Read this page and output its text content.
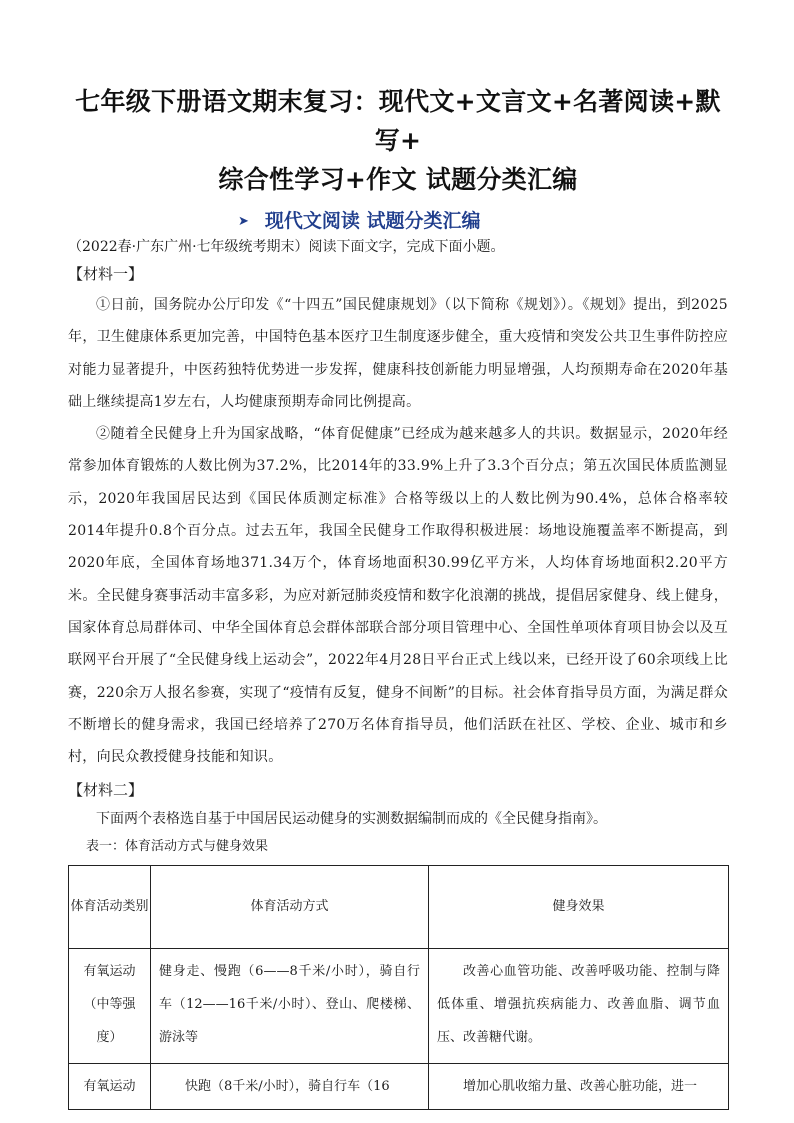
七年级下册语文期末复习：现代文+文言文+名著阅读+默写+
综合性学习+作文 试题分类汇编
➤ 现代文阅读 试题分类汇编

（2022春·广东广州·七年级统考期末）阅读下面文字，完成下面小题。

【材料一】

①日前，国务院办公厅印发《“十四五”国民健康规划》（以下简称《规划》）。《规划》提出，到2025年，卫生健康体系更加完善，中国特色基本医疗卫生制度逐步健全，重大疫情和突发公共卫生事件防控应对能力显著提升，中医药独特优势进一步发挥，健康科技创新能力明显增强，人均预期寿命在2020年基础上继续提高1岁左右，人均健康预期寿命同比例提高。

②随着全民健身上升为国家战略，“体育促健康”已经成为越来越多人的共识。数据显示，2020年经常参加体育锻炼的人数比例为37.2%，比2014年的33.9%上升了3.3个百分点；第五次国民体质监测显示，2020年我国居民达到《国民体质测定标准》合格等级以上的人数比例为90.4%，总体合格率较2014年提升0.8个百分点。过去五年，我国全民健身工作取得积极进展：场地设施覆盖率不断提高，到2020年底，全国体育场地371.34万个，体育场地面积30.99亿平方米，人均体育场地面积2.20平方米。全民健身赛事活动丰富多彩，为应对新冠肺炎疫情和数字化浪潮的挑战，提倡居家健身、线上健身，国家体育总局群体司、中华全国体育总会群体部联合部分项目管理中心、全国性单项体育项目协会以及互联网平台开展了“全民健身线上运动会”，2022年4月28日平台正式上线以来，已经开设了60余项线上比赛，220余万人报名参赛，实现了“疫情有反复，健身不间断”的目标。社会体育指导员方面，为满足群众不断增长的健身需求，我国已经培养了270万名体育指导员，他们活跃在社区、学校、企业、城市和乡村，向民众教授健身技能和知识。

【材料二】

下面两个表格选自基于中国居民运动健身的实测数据编制而成的《全民健身指南》。

表一：体育活动方式与健身效果

体育活动类别	体育活动方式	健身效果
有氧运动（中等强度）	健身走、慢跑（6——8千米/小时），骑自行车（12——16千米/小时）、登山、爬楼梯、游泳等	改善心血管功能、改善呼吸功能、控制与降低体重、增强抗疾病能力、改善血脂、调节血压、改善糖代谢。
有氧运动	快跑（8千米/小时），骑自行车（16	增加心肌收缩力量、改善心脏功能，进一
